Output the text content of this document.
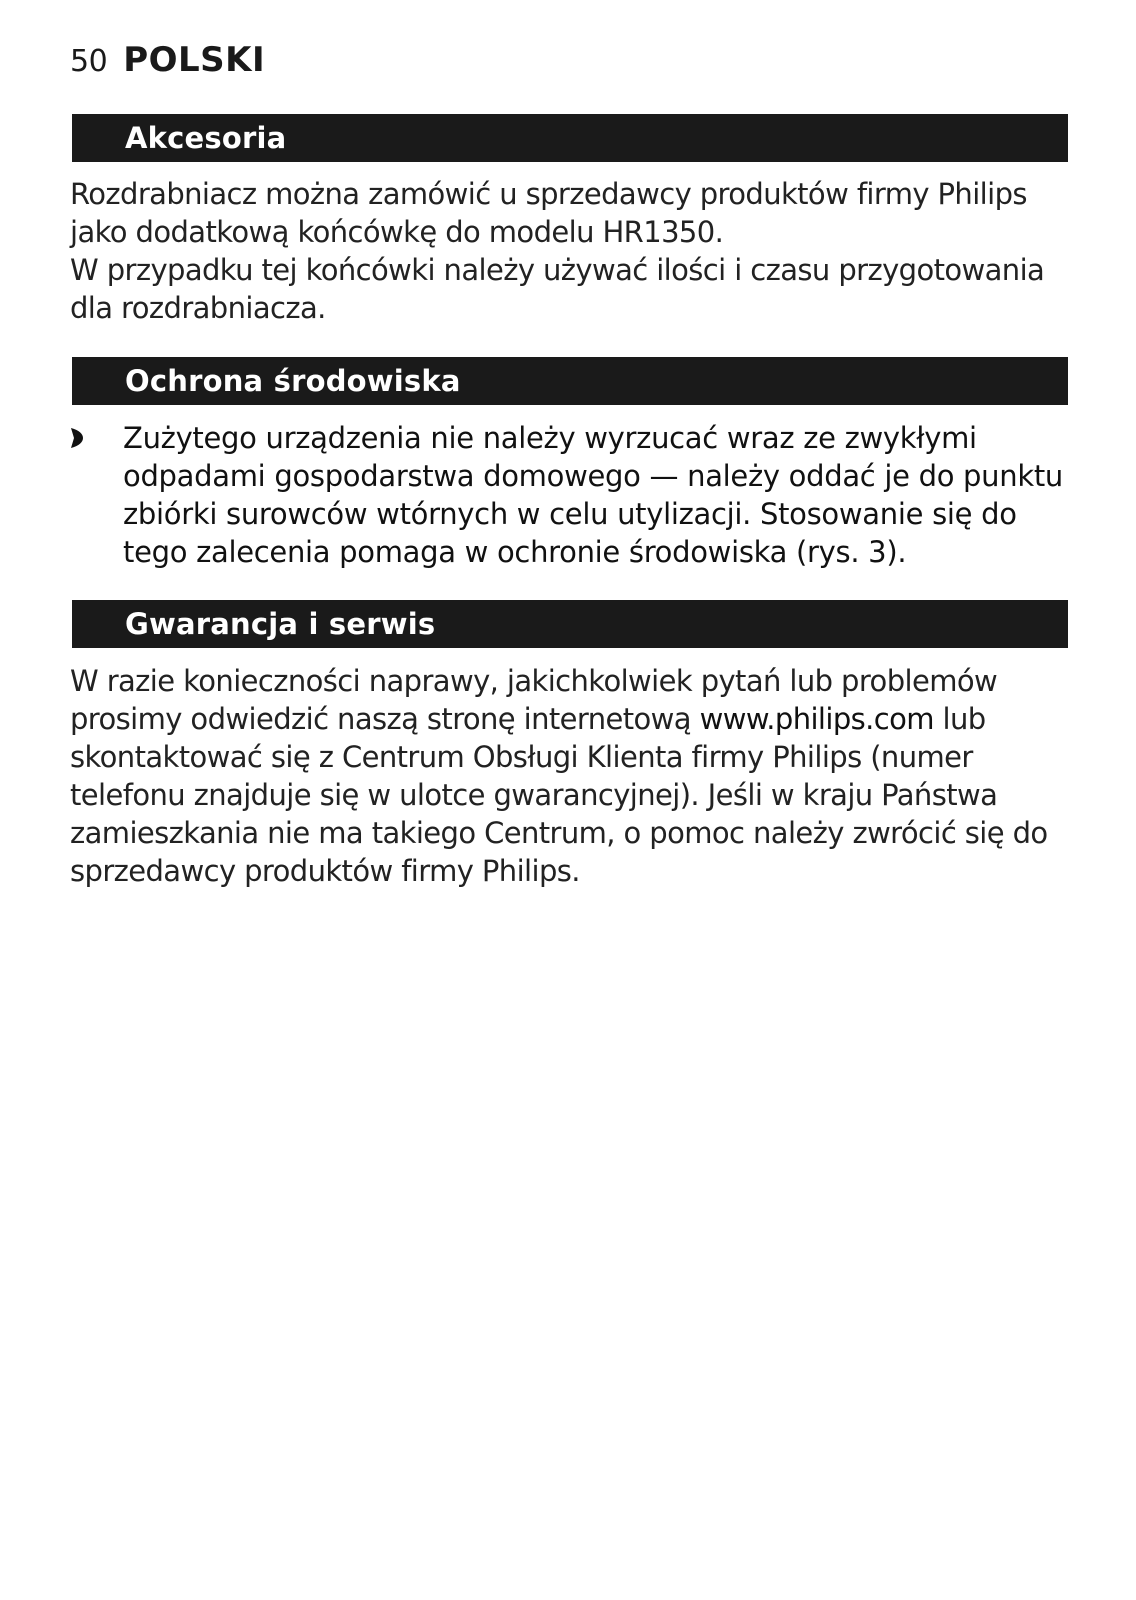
50 POLSKI
Akcesoria

Rozdrabniacz można zamówić u sprzedawcy produktów firmy Philips jako dodatkową końcówkę do modelu HR1350.

W przypadku tej końcówki należy używać ilości i czasu przygotowania dla rozdrabniacza.

Ochrona środowiska
Zużytego urządzenia nie należy wyrzucać wraz ze zwykłymi odpadami gospodarstwa domowego — należy oddać je do punktu zbiórki surowców wtórnych w celu utylizacji. Stosowanie się do tego zalecenia pomaga w ochronie środowiska (rys. 3).
Gwarancja i serwis

W razie konieczności naprawy, jakichkolwiek pytań lub problemów prosimy odwiedzić naszą stronę internetową www.philips.com lub skontaktować się z Centrum Obsługi Klienta firmy Philips (numer telefonu znajduje się w ulotce gwarancyjnej). Jeśli w kraju Państwa zamieszkania nie ma takiego Centrum, o pomoc należy zwrócić się do sprzedawcy produktów firmy Philips.
